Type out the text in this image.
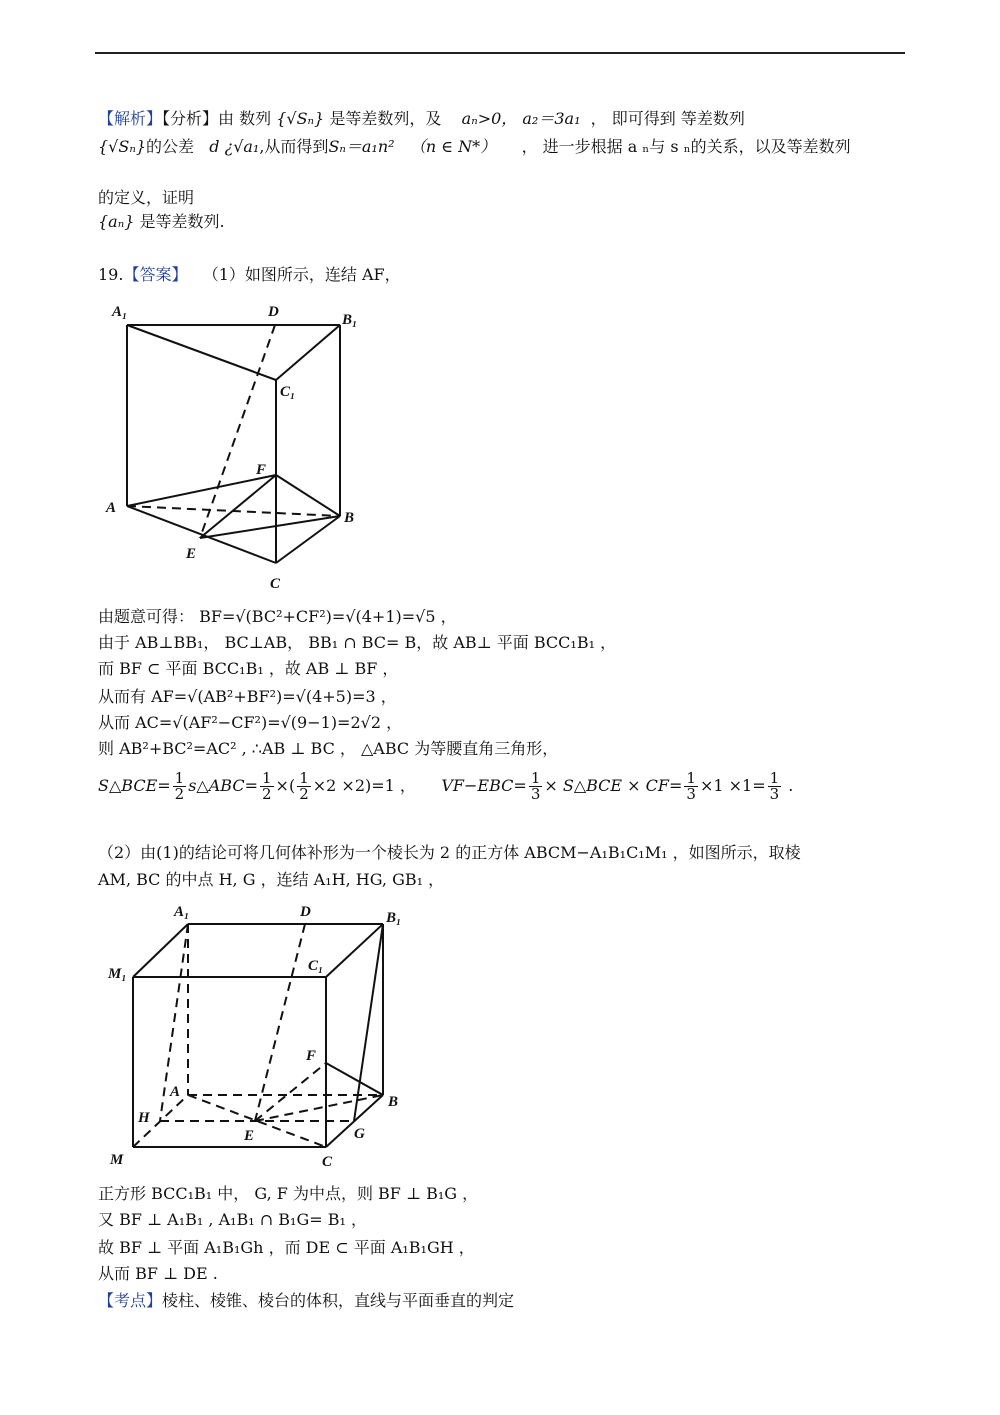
【解析】【分析】由 数列 {√Sₙ} 是等差数列，及 aₙ>0， a₂＝3a₁ ， 即可得到 等差数列
{√Sₙ}的公差 d ¿√a₁,从而得到Sₙ＝a₁n² （n ∈ N*） ， 进一步根据 a ₙ与 s ₙ的关系，以及等差数列
的定义，证明
{aₙ} 是等差数列.
19.【答案】 （1）如图所示，连结 AF，
A₁	D	B₁
C₁
F
A
B
E
C
由题意可得： BF=√(BC²+CF²)=√(4+1)=√5 ，
由于 AB⊥BB₁， BC⊥AB， BB₁ ∩ BC= B，故 AB⊥ 平面 BCC₁B₁ ，
而 BF ⊂ 平面 BCC₁B₁ ，故 AB ⊥ BF ，
从而有 AF=√(AB²+BF²)=√(4+5)=3 ，
从而 AC=√(AF²−CF²)=√(9−1)=2√2 ，
则 AB²+BC²=AC² , ∴AB ⊥ BC ， △ABC 为等腰直角三角形，
S△BCE= $\frac{1}{2}$ s△ABC= $\frac{1}{2}$ ×( $\frac{1}{2} \times 2 \times 2)=1$ ， $VF-EBC= \frac{1}{3}$ × S△BCE × $CF= \frac{1}{3} \times 1 \times 1= \frac{1}{3}$ .
（2）由(1)的结论可将几何体补形为一个棱长为 2 的正方体 ABCM−A₁B₁C₁M₁ ，如图所示，取棱
AM, BC 的中点 H, G ，连结 A₁H, HG, GB₁ ，
A₁	D	B₁
M₁	C₁
F
A
B
H
G
E
M	C
正方形 BCC₁B₁ 中， G, F 为中点，则 BF ⊥ B₁G ，
又 BF ⊥ A₁B₁ , A₁B₁ ∩ B₁G= B₁ ，
故 BF ⊥ 平面 A₁B₁Gh ，而 DE ⊂ 平面 A₁B₁GH ，
从而 BF ⊥ DE .
【考点】棱柱、棱锥、棱台的体积，直线与平面垂直的判定
